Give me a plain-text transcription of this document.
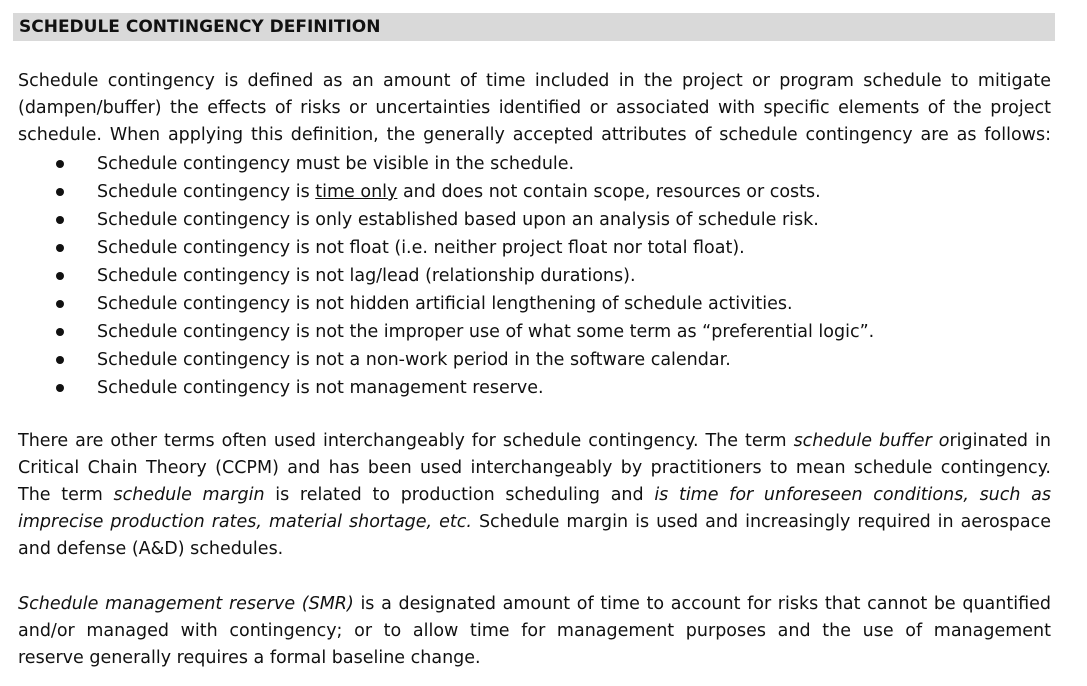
SCHEDULE CONTINGENCY DEFINITION
Schedule contingency is defined as an amount of time included in the project or program schedule to mitigate
(dampen/buffer) the effects of risks or uncertainties identified or associated with specific elements of the project
schedule. When applying this definition, the generally accepted attributes of schedule contingency are as follows:
Schedule contingency must be visible in the schedule.
Schedule contingency is time only and does not contain scope, resources or costs.
Schedule contingency is only established based upon an analysis of schedule risk.
Schedule contingency is not float (i.e. neither project float nor total float).
Schedule contingency is not lag/lead (relationship durations).
Schedule contingency is not hidden artificial lengthening of schedule activities.
Schedule contingency is not the improper use of what some term as “preferential logic”.
Schedule contingency is not a non-work period in the software calendar.
Schedule contingency is not management reserve.
There are other terms often used interchangeably for schedule contingency. The term schedule buffer originated in
Critical Chain Theory (CCPM) and has been used interchangeably by practitioners to mean schedule contingency.
The term schedule margin is related to production scheduling and is time for unforeseen conditions, such as
imprecise production rates, material shortage, etc. Schedule margin is used and increasingly required in aerospace
and defense (A&D) schedules.
Schedule management reserve (SMR) is a designated amount of time to account for risks that cannot be quantified
and/or managed with contingency; or to allow time for management purposes and the use of management
reserve generally requires a formal baseline change.
